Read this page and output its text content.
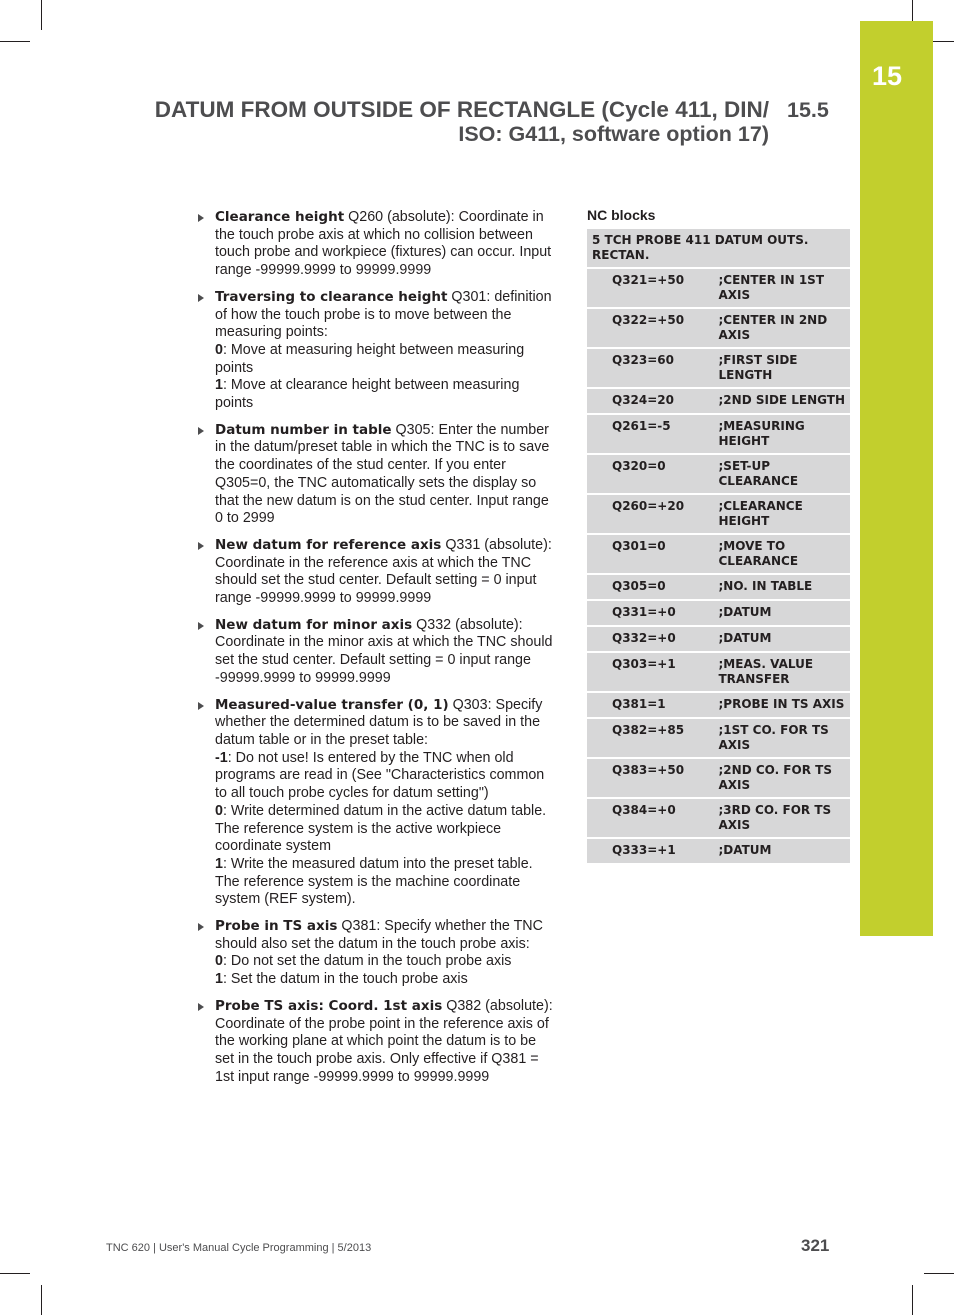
15
DATUM FROM OUTSIDE OF RECTANGLE (Cycle 411, DIN/
ISO: G411, software option 17)
15.5
Clearance height Q260 (absolute): Coordinate in the touch probe axis at which no collision between touch probe and workpiece (fixtures) can occur. Input range -99999.9999 to 99999.9999
Traversing to clearance height Q301: definition of how the touch probe is to move between the measuring points:
0: Move at measuring height between measuring points
1: Move at clearance height between measuring points
Datum number in table Q305: Enter the number in the datum/preset table in which the TNC is to save the coordinates of the stud center. If you enter Q305=0, the TNC automatically sets the display so that the new datum is on the stud center. Input range 0 to 2999
New datum for reference axis Q331 (absolute): Coordinate in the reference axis at which the TNC should set the stud center. Default setting = 0 input range -99999.9999 to 99999.9999
New datum for minor axis Q332 (absolute): Coordinate in the minor axis at which the TNC should set the stud center. Default setting = 0 input range -99999.9999 to 99999.9999
Measured-value transfer (0, 1) Q303: Specify whether the determined datum is to be saved in the datum table or in the preset table:
-1: Do not use! Is entered by the TNC when old programs are read in (See "Characteristics common to all touch probe cycles for datum setting")
0: Write determined datum in the active datum table. The reference system is the active workpiece coordinate system
1: Write the measured datum into the preset table. The reference system is the machine coordinate system (REF system).
Probe in TS axis Q381: Specify whether the TNC should also set the datum in the touch probe axis:
0: Do not set the datum in the touch probe axis
1: Set the datum in the touch probe axis
Probe TS axis: Coord. 1st axis Q382 (absolute): Coordinate of the probe point in the reference axis of the working plane at which point the datum is to be set in the touch probe axis. Only effective if Q381 = 1st input range -99999.9999 to 99999.9999
NC blocks
5 TCH PROBE 411 DATUM OUTS. RECTAN.	
Q321=+50	;CENTER IN 1ST AXIS
Q322=+50	;CENTER IN 2ND AXIS
Q323=60	;FIRST SIDE LENGTH
Q324=20	;2ND SIDE LENGTH
Q261=-5	;MEASURING HEIGHT
Q320=0	;SET-UP CLEARANCE
Q260=+20	;CLEARANCE HEIGHT
Q301=0	;MOVE TO CLEARANCE
Q305=0	;NO. IN TABLE
Q331=+0	;DATUM
Q332=+0	;DATUM
Q303=+1	;MEAS. VALUE TRANSFER
Q381=1	;PROBE IN TS AXIS
Q382=+85	;1ST CO. FOR TS AXIS
Q383=+50	;2ND CO. FOR TS AXIS
Q384=+0	;3RD CO. FOR TS AXIS
Q333=+1	;DATUM
TNC 620 | User's Manual Cycle Programming | 5/2013	321
